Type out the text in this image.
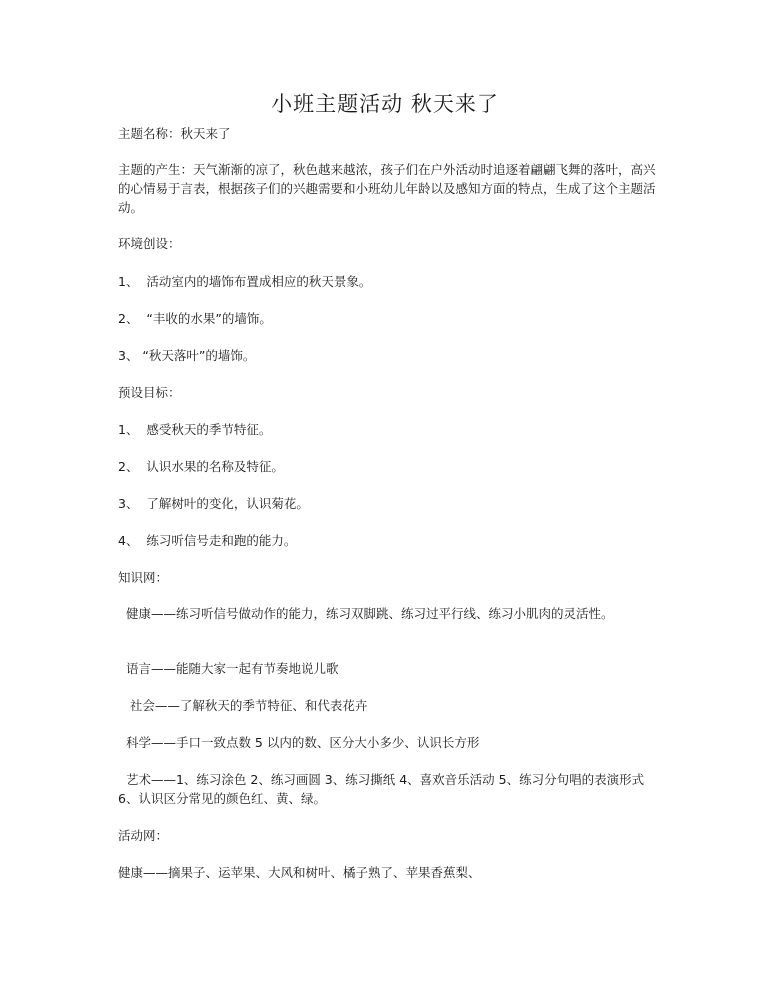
小班主题活动 秋天来了
主题名称：秋天来了
主题的产生：天气渐渐的凉了，秋色越来越浓，孩子们在户外活动时追逐着翩翩飞舞的落叶，高兴的心情易于言表，根据孩子们的兴趣需要和小班幼儿年龄以及感知方面的特点，生成了这个主题活动。
环境创设：
1、  活动室内的墙饰布置成相应的秋天景象。
2、  “丰收的水果”的墙饰。
3、 “秋天落叶”的墙饰。
预设目标：
1、  感受秋天的季节特征。
2、  认识水果的名称及特征。
3、  了解树叶的变化，认识菊花。
4、  练习听信号走和跑的能力。
知识网：
健康——练习听信号做动作的能力，练习双脚跳、练习过平行线、练习小肌肉的灵活性。
语言——能随大家一起有节奏地说儿歌
社会——了解秋天的季节特征、和代表花卉
科学——手口一致点数 5 以内的数、区分大小多少、认识长方形
艺术——1、练习涂色 2、练习画圆 3、练习撕纸 4、喜欢音乐活动 5、练习分句唱的表演形式 6、认识区分常见的颜色红、黄、绿。
活动网：
健康——摘果子、运苹果、大风和树叶、橘子熟了、苹果香蕉梨、
